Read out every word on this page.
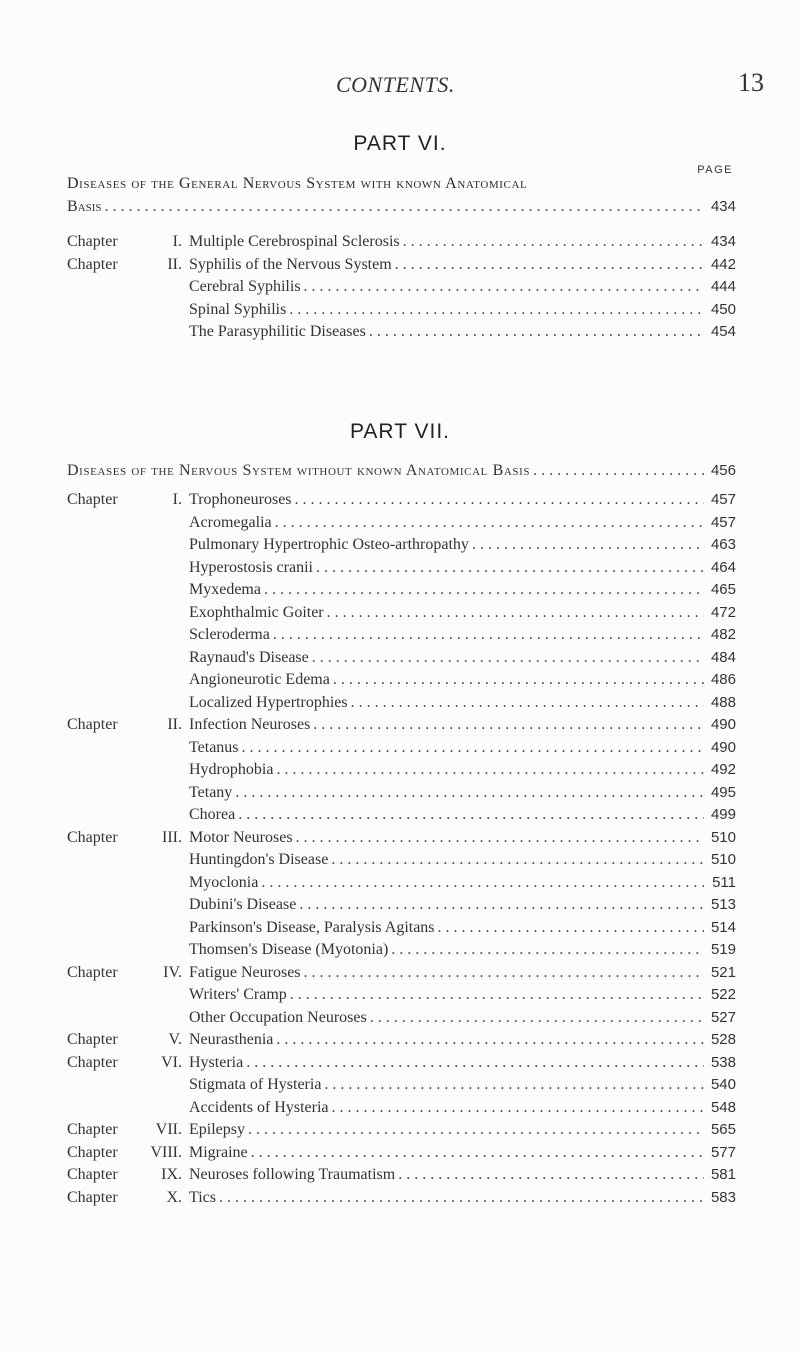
CONTENTS.	13
PART VI.
PAGE
Diseases of the General Nervous System with known Anatomical
Basis . . .	434
Chapter	I. Multiple Cerebrospinal Sclerosis . . .	434
Chapter	II. Syphilis of the Nervous System . . .	442
Cerebral Syphilis . . .	444
Spinal Syphilis . . .	450
The Parasyphilitic Diseases . . .	454
PART VII.
Diseases of the Nervous System without known Anatomical Basis . . .	456
Chapter	I. Trophoneuroses . . .	457
Acromegalia . . .	457
Pulmonary Hypertrophic Osteo-arthropathy . . .	463
Hyperostosis cranii . . .	464
Myxedema . . .	465
Exophthalmic Goiter . . .	472
Scleroderma . . .	482
Raynaud's Disease . . .	484
Angioneurotic Edema . . .	486
Localized Hypertrophies . . .	488
Chapter	II. Infection Neuroses . . .	490
Tetanus . . .	490
Hydrophobia . . .	492
Tetany . . .	495
Chorea . . .	499
Chapter	III. Motor Neuroses . . .	510
Huntingdon's Disease . . .	510
Myoclonia . . .	511
Dubini's Disease . . .	513
Parkinson's Disease, Paralysis Agitans . . .	514
Thomsen's Disease (Myotonia) . . .	519
Chapter	IV. Fatigue Neuroses . . .	521
Writers' Cramp . . .	522
Other Occupation Neuroses . . .	527
Chapter	V. Neurasthenia . . .	528
Chapter	VI. Hysteria . . .	538
Stigmata of Hysteria . . .	540
Accidents of Hysteria . . .	548
Chapter	VII. Epilepsy . . .	565
Chapter	VIII. Migraine . . .	577
Chapter	IX. Neuroses following Traumatism . . .	581
Chapter	X. Tics . . .	583
